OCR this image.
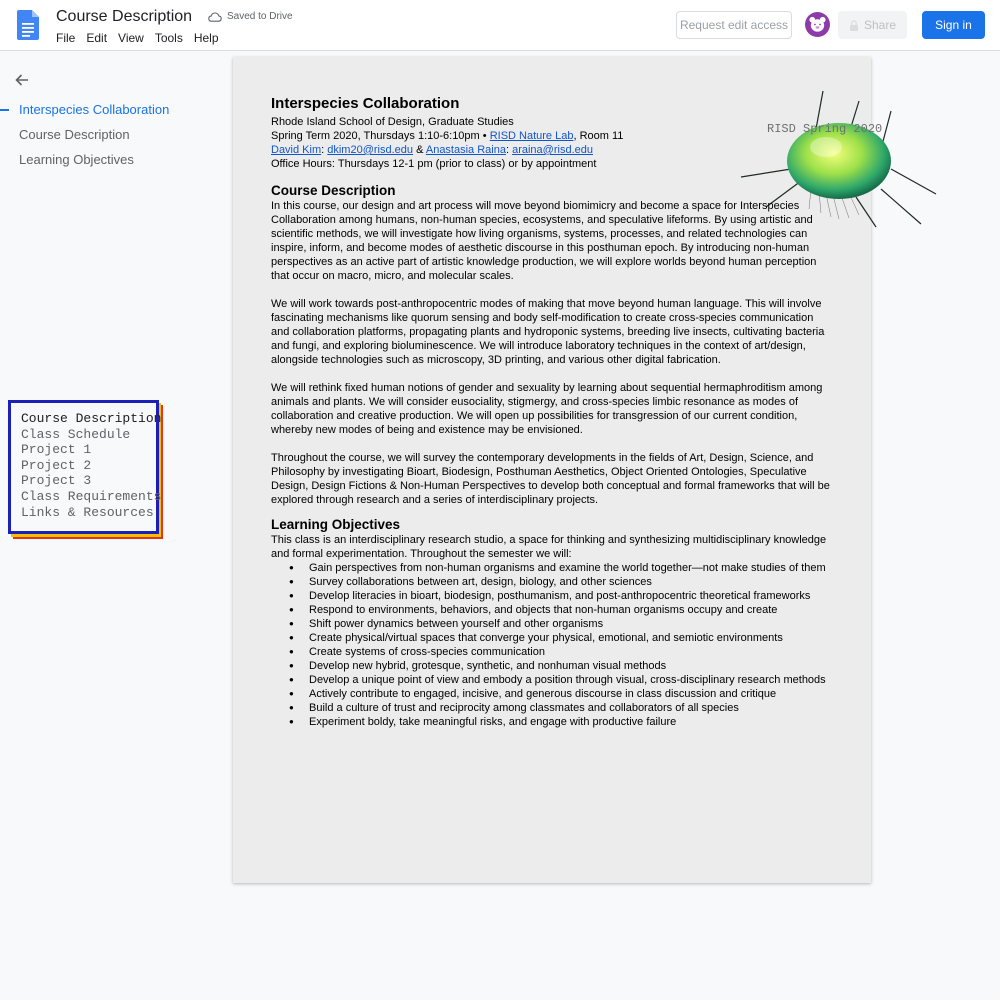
Course Description	Saved to Drive
File Edit View Tools Help
Request edit access	Share	Sign in
Interspecies Collaboration
Course Description
Learning Objectives
Course Description
Class Schedule
Project 1
Project 2
Project 3
Class Requirements
Links & Resources
RISD Spring 2020
Interspecies Collaboration
Rhode Island School of Design, Graduate Studies
Spring Term 2020, Thursdays 1:10-6:10pm • RISD Nature Lab, Room 11
David Kim: dkim20@risd.edu & Anastasia Raina: araina@risd.edu
Office Hours: Thursdays 12-1 pm (prior to class) or by appointment
Course Description
In this course, our design and art process will move beyond biomimicry and become a space for Interspecies Collaboration among humans, non-human species, ecosystems, and speculative lifeforms. By using artistic and scientific methods, we will investigate how living organisms, systems, processes, and related technologies can inspire, inform, and become modes of aesthetic discourse in this posthuman epoch. By introducing non-human perspectives as an active part of artistic knowledge production, we will explore worlds beyond human perception that occur on macro, micro, and molecular scales.
We will work towards post-anthropocentric modes of making that move beyond human language. This will involve fascinating mechanisms like quorum sensing and body self-modification to create cross-species communication and collaboration platforms, propagating plants and hydroponic systems, breeding live insects, cultivating bacteria and fungi, and exploring bioluminescence. We will introduce laboratory techniques in the context of art/design, alongside technologies such as microscopy, 3D printing, and various other digital fabrication.
We will rethink fixed human notions of gender and sexuality by learning about sequential hermaphroditism among animals and plants. We will consider eusociality, stigmergy, and cross-species limbic resonance as modes of collaboration and creative production. We will open up possibilities for transgression of our current condition, whereby new modes of being and existence may be envisioned.
Throughout the course, we will survey the contemporary developments in the fields of Art, Design, Science, and Philosophy by investigating Bioart, Biodesign, Posthuman Aesthetics, Object Oriented Ontologies, Speculative Design, Design Fictions & Non-Human Perspectives to develop both conceptual and formal frameworks that will be explored through research and a series of interdisciplinary projects.
Learning Objectives
This class is an interdisciplinary research studio, a space for thinking and synthesizing multidisciplinary knowledge and formal experimentation. Throughout the semester we will:
● Gain perspectives from non-human organisms and examine the world together—not make studies of them
● Survey collaborations between art, design, biology, and other sciences
● Develop literacies in bioart, biodesign, posthumanism, and post-anthropocentric theoretical frameworks
● Respond to environments, behaviors, and objects that non-human organisms occupy and create
● Shift power dynamics between yourself and other organisms
● Create physical/virtual spaces that converge your physical, emotional, and semiotic environments
● Create systems of cross-species communication
● Develop new hybrid, grotesque, synthetic, and nonhuman visual methods
● Develop a unique point of view and embody a position through visual, cross-disciplinary research methods
● Actively contribute to engaged, incisive, and generous discourse in class discussion and critique
● Build a culture of trust and reciprocity among classmates and collaborators of all species
● Experiment boldy, take meaningful risks, and engage with productive failure
